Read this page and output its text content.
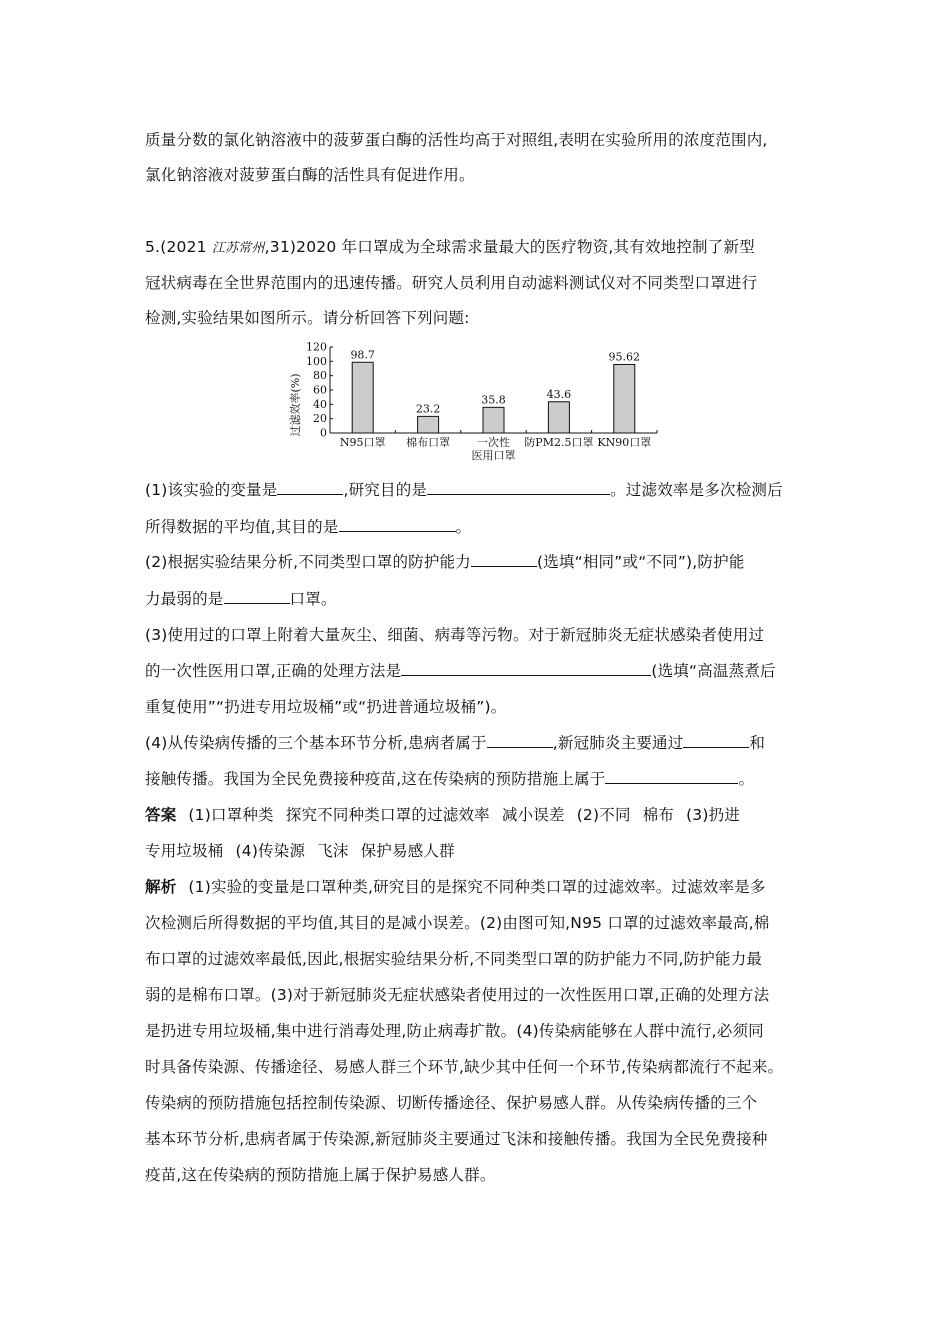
质量分数的氯化钠溶液中的菠萝蛋白酶的活性均高于对照组,表明在实验所用的浓度范围内,
氯化钠溶液对菠萝蛋白酶的活性具有促进作用。
5.(2021 江苏常州,31)2020 年口罩成为全球需求量最大的医疗物资,其有效地控制了新型
冠状病毒在全世界范围内的迅速传播。研究人员利用自动滤料测试仪对不同类型口罩进行
检测,实验结果如图所示。请分析回答下列问题:
过滤效率(%)
120
100
80
60
40
20
0
98.7
23.2
35.8	43.6
95.62
N95口罩 棉布口罩 一次性
医用口罩
防PM2.5口罩 KN90口罩
(1)该实验的变量是	,研究目的是	。过滤效率是多次检测后
所得数据的平均值,其目的是	。
(2)根据实验结果分析,不同类型口罩的防护能力	(选填“相同”或“不同”),防护能
力最弱的是	口罩。
(3)使用过的口罩上附着大量灰尘、细菌、病毒等污物。对于新冠肺炎无症状感染者使用过
的一次性医用口罩,正确的处理方法是	(选填“高温蒸煮后
重复使用”“扔进专用垃圾桶”或“扔进普通垃圾桶”)。
(4)从传染病传播的三个基本环节分析,患病者属于	,新冠肺炎主要通过	和
接触传播。我国为全民免费接种疫苗,这在传染病的预防措施上属于	。
答案 (1)口罩种类 探究不同种类口罩的过滤效率 减小误差 (2)不同 棉布 (3)扔进
专用垃圾桶 (4)传染源 飞沫 保护易感人群
解析 (1)实验的变量是口罩种类,研究目的是探究不同种类口罩的过滤效率。过滤效率是多
次检测后所得数据的平均值,其目的是减小误差。(2)由图可知,N95 口罩的过滤效率最高,棉
布口罩的过滤效率最低,因此,根据实验结果分析,不同类型口罩的防护能力不同,防护能力最
弱的是棉布口罩。(3)对于新冠肺炎无症状感染者使用过的一次性医用口罩,正确的处理方法
是扔进专用垃圾桶,集中进行消毒处理,防止病毒扩散。(4)传染病能够在人群中流行,必须同
时具备传染源、传播途径、易感人群三个环节,缺少其中任何一个环节,传染病都流行不起来。
传染病的预防措施包括控制传染源、切断传播途径、保护易感人群。从传染病传播的三个
基本环节分析,患病者属于传染源,新冠肺炎主要通过飞沫和接触传播。我国为全民免费接种
疫苗,这在传染病的预防措施上属于保护易感人群。
